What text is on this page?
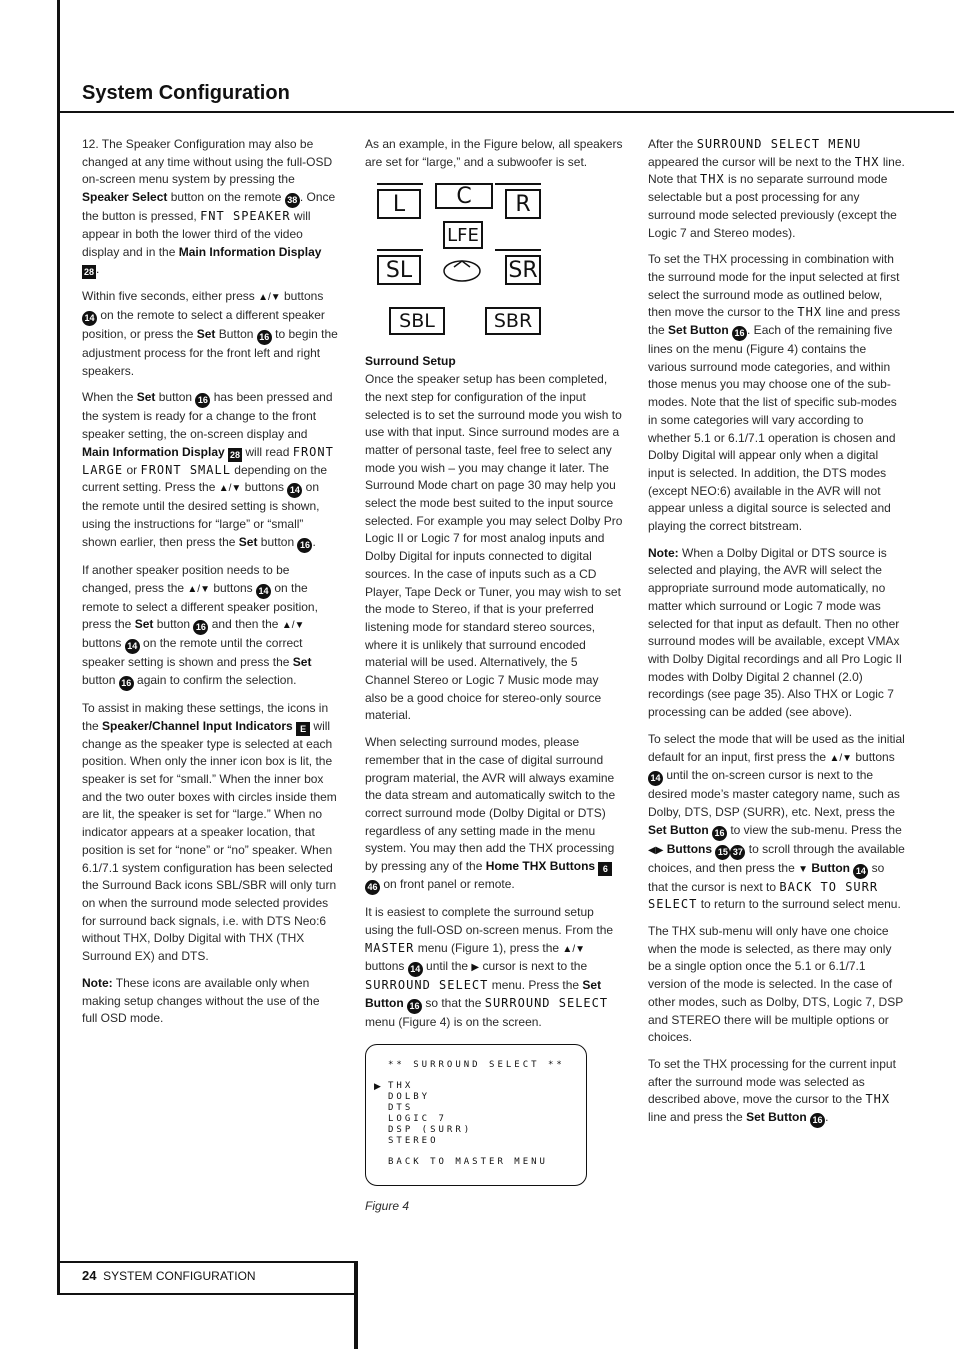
System Configuration

12. The Speaker Configuration may also be changed at any time without using the full-OSD on-screen menu system by pressing the Speaker Select button on the remote 38 . Once the button is pressed, FNT SPEAKER will appear in both the lower third of the video display and in the Main Information Display 28 .

Within five seconds, either press ▲/▼ buttons 14 on the remote to select a different speaker position, or press the Set Button 16 to begin the adjustment process for the front left and right speakers.

When the Set button 16 has been pressed and the system is ready for a change to the front speaker setting, the on-screen display and Main Information Display 28 will read FRONT LARGE or FRONT SMALL depending on the current setting. Press the ▲/▼ buttons 14 on the remote until the desired setting is shown, using the instructions for “large” or “small” shown earlier, then press the Set button 16 .

If another speaker position needs to be changed, press the ▲/▼ buttons 14 on the remote to select a different speaker position, press the Set button 16 and then the ▲/▼ buttons 14 on the remote until the correct speaker setting is shown and press the Set button 16 again to confirm the selection.

To assist in making these settings, the icons in the Speaker/Channel Input Indicators E will change as the speaker type is selected at each position. When only the inner icon box is lit, the speaker is set for “small.” When the inner box and the two outer boxes with circles inside them are lit, the speaker is set for “large.” When no indicator appears at a speaker location, that position is set for “none” or “no” speaker. When 6.1/7.1 system configuration has been selected the Surround Back icons SBL/SBR will only turn on when the surround mode selected provides for surround back signals, i.e. with DTS Neo:6 without THX, Dolby Digital with THX (THX Surround EX) and DTS.

Note: These icons are available only when making setup changes without the use of the full OSD mode.

As an example, in the Figure below, all speakers are set for “large,” and a subwoofer is set.

L	C	R
LFE
SL	SR
SBL	SBR

Surround Setup

Once the speaker setup has been completed, the next step for configuration of the input selected is to set the surround mode you wish to use with that input. Since surround modes are a matter of personal taste, feel free to select any mode you wish – you may change it later. The Surround Mode chart on page 30 may help you select the mode best suited to the input source selected. For example you may select Dolby Pro Logic II or Logic 7 for most analog inputs and Dolby Digital for inputs connected to digital sources. In the case of inputs such as a CD Player, Tape Deck or Tuner, you may wish to set the mode to Stereo, if that is your preferred listening mode for standard stereo sources, where it is unlikely that surround encoded material will be used. Alternatively, the 5 Channel Stereo or Logic 7 Music mode may also be a good choice for stereo-only source material.

When selecting surround modes, please remember that in the case of digital surround program material, the AVR will always examine the data stream and automatically switch to the correct surround mode (Dolby Digital or DTS) regardless of any setting made in the menu system. You may then add the THX processing by pressing any of the Home THX Buttons 6 46 on front panel or remote.

It is easiest to complete the surround setup using the full-OSD on-screen menus. From the MASTER menu (Figure 1), press the ▲/▼ buttons 14 until the ▶ cursor is next to the SURROUND SELECT menu. Press the Set Button 16 so that the SURROUND SELECT menu (Figure 4) is on the screen.

** SURROUND SELECT **
▶ THX
DOLBY
DTS
LOGIC 7
DSP (SURR)
STEREO
BACK TO MASTER MENU
Figure 4

After the SURROUND SELECT MENU appeared the cursor will be next to the THX line. Note that THX is no separate surround mode selectable but a post processing for any surround mode selected previously (except the Logic 7 and Stereo modes).

To set the THX processing in combination with the surround mode for the input selected at first select the surround mode as outlined below, then move the cursor to the THX line and press the Set Button 16 . Each of the remaining five lines on the menu (Figure 4) contains the various surround mode categories, and within those menus you may choose one of the sub-modes. Note that the list of specific sub-modes in some categories will vary according to whether 5.1 or 6.1/7.1 operation is chosen and Dolby Digital will appear only when a digital input is selected. In addition, the DTS modes (except NEO:6) available in the AVR will not appear unless a digital source is selected and playing the correct bitstream.

Note: When a Dolby Digital or DTS source is selected and playing, the AVR will select the appropriate surround mode automatically, no matter which surround or Logic 7 mode was selected for that input as default. Then no other surround modes will be available, except VMAx with Dolby Digital recordings and all Pro Logic II modes with Dolby Digital 2 channel (2.0) recordings (see page 35). Also THX or Logic 7 processing can be added (see above).

To select the mode that will be used as the initial default for an input, first press the ▲/▼ buttons 14 until the on-screen cursor is next to the desired mode’s master category name, such as Dolby, DTS, DSP (SURR), etc. Next, press the Set Button 16 to view the sub-menu. Press the ◀▶ Buttons 15 37 to scroll through the available choices, and then press the ▼ Button 14 so that the cursor is next to BACK TO SURR SELECT to return to the surround select menu.

The THX sub-menu will only have one choice when the mode is selected, as there may only be a single option once the 5.1 or 6.1/7.1 version of the mode is selected. In the case of other modes, such as Dolby, DTS, Logic 7, DSP and STEREO there will be multiple options or choices.

To set the THX processing for the current input after the surround mode was selected as described above, move the cursor to the THX line and press the Set Button 16 .

24 SYSTEM CONFIGURATION
